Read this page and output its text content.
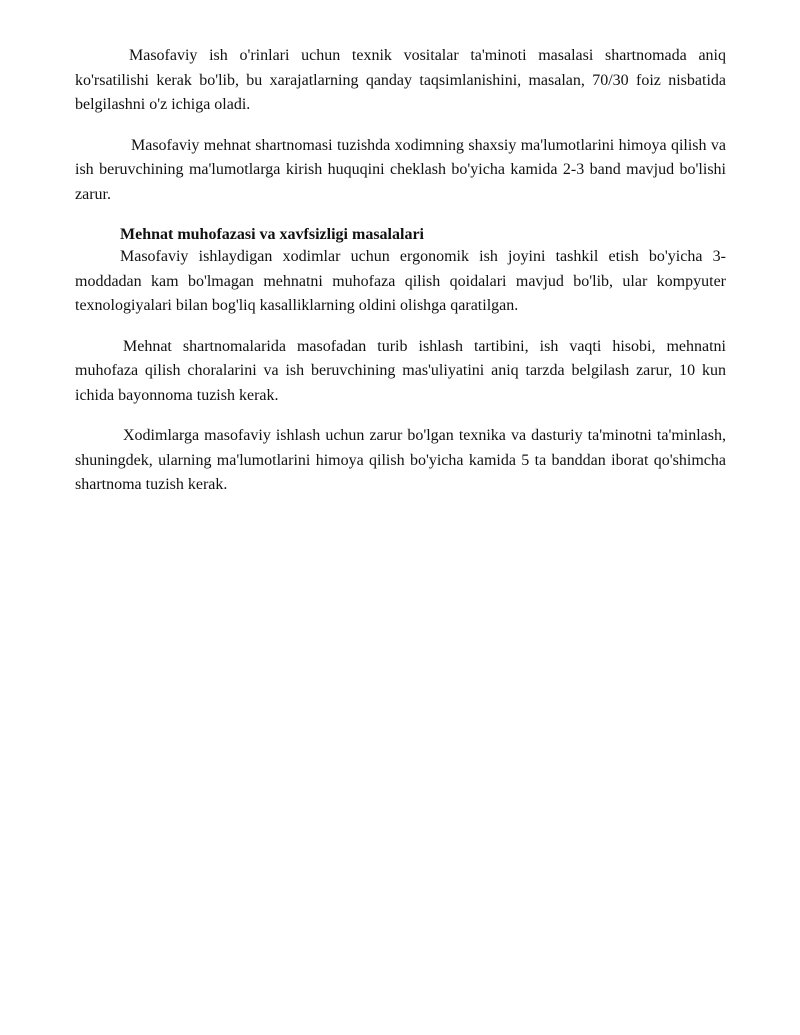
Masofaviy ish o'rinlari uchun texnik vositalar ta'minoti masalasi shartnomada aniq ko'rsatilishi kerak bo'lib, bu xarajatlarning qanday taqsimlanishini, masalan, 70/30 foiz nisbatida belgilashni o'z ichiga oladi.

Masofaviy mehnat shartnomasi tuzishda xodimning shaxsiy ma'lumotlarini himoya qilish va ish beruvchining ma'lumotlarga kirish huquqini cheklash bo'yicha kamida 2-3 band mavjud bo'lishi zarur.

Mehnat muhofazasi va xavfsizligi masalalari

Masofaviy ishlaydigan xodimlar uchun ergonomik ish joyini tashkil etish bo'yicha 3-moddadan kam bo'lmagan mehnatni muhofaza qilish qoidalari mavjud bo'lib, ular kompyuter texnologiyalari bilan bog'liq kasalliklarning oldini olishga qaratilgan.

Mehnat shartnomalarida masofadan turib ishlash tartibini, ish vaqti hisobi, mehnatni muhofaza qilish choralarini va ish beruvchining mas'uliyatini aniq tarzda belgilash zarur, 10 kun ichida bayonnoma tuzish kerak.

Xodimlarga masofaviy ishlash uchun zarur bo'lgan texnika va dasturiy ta'minotni ta'minlash, shuningdek, ularning ma'lumotlarini himoya qilish bo'yicha kamida 5 ta banddan iborat qo'shimcha shartnoma tuzish kerak.
